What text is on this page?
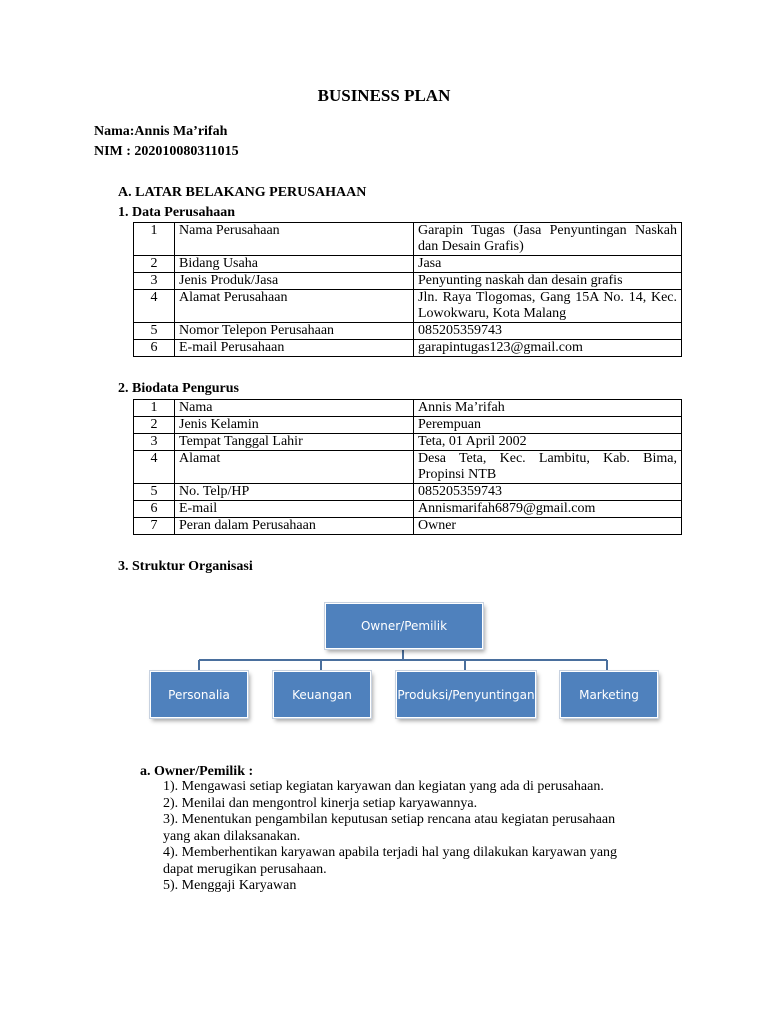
BUSINESS PLAN
Nama:Annis Ma’rifah
NIM : 202010080311015
A. LATAR BELAKANG PERUSAHAAN
1. Data Perusahaan
1	Nama Perusahaan	Garapin Tugas (Jasa Penyuntingan Naskah dan Desain Grafis)
2	Bidang Usaha	Jasa
3	Jenis Produk/Jasa	Penyunting naskah dan desain grafis
4	Alamat Perusahaan	Jln. Raya Tlogomas, Gang 15A No. 14, Kec. Lowokwaru, Kota Malang
5	Nomor Telepon Perusahaan	085205359743
6	E-mail Perusahaan	garapintugas123@gmail.com
2. Biodata Pengurus
1	Nama	Annis Ma’rifah
2	Jenis Kelamin	Perempuan
3	Tempat Tanggal Lahir	Teta, 01 April 2002
4	Alamat	Desa Teta, Kec. Lambitu, Kab. Bima, Propinsi NTB
5	No. Telp/HP	085205359743
6	E-mail	Annismarifah6879@gmail.com
7	Peran dalam Perusahaan	Owner
3. Struktur Organisasi
Owner/Pemilik
Personalia	Keuangan	Produksi/Penyuntingan	Marketing
a. Owner/Pemilik :
1). Mengawasi setiap kegiatan karyawan dan kegiatan yang ada di perusahaan.
2). Menilai dan mengontrol kinerja setiap karyawannya.
3). Menentukan pengambilan keputusan setiap rencana atau kegiatan perusahaan
yang akan dilaksanakan.
4). Memberhentikan karyawan apabila terjadi hal yang dilakukan karyawan yang
dapat merugikan perusahaan.
5). Menggaji Karyawan
